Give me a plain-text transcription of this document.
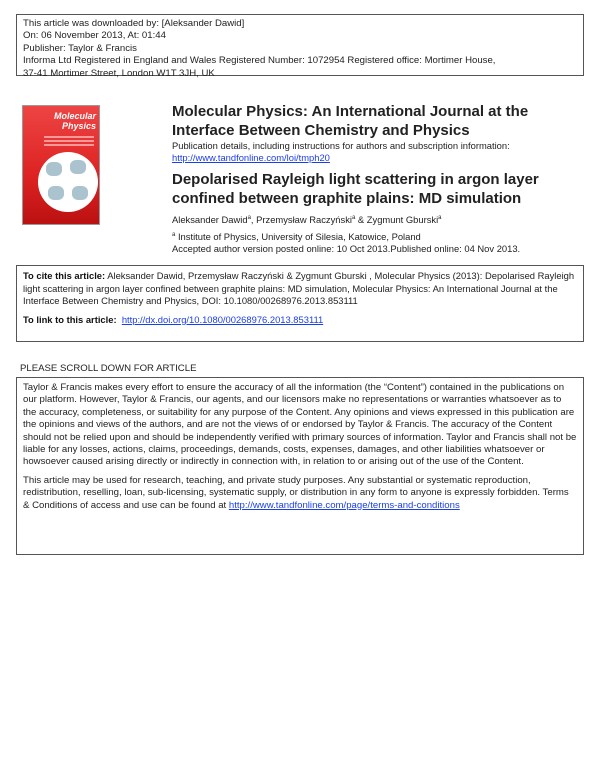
This article was downloaded by: [Aleksander Dawid]
On: 06 November 2013, At: 01:44
Publisher: Taylor & Francis
Informa Ltd Registered in England and Wales Registered Number: 1072954 Registered office: Mortimer House,
37-41 Mortimer Street, London W1T 3JH, UK
Molecular Physics
Molecular Physics: An International Journal at the Interface Between Chemistry and Physics
Publication details, including instructions for authors and subscription information:
http://www.tandfonline.com/loi/tmph20
Depolarised Rayleigh light scattering in argon layer confined between graphite plains: MD simulation
Aleksander Dawid$^a$, Przemysław Raczyński$^a$ & Zygmunt Gburski$^a$
$^a$ Institute of Physics, University of Silesia, Katowice, Poland
Accepted author version posted online: 10 Oct 2013.Published online: 04 Nov 2013.

To cite this article: Aleksander Dawid, Przemysław Raczyński & Zygmunt Gburski , Molecular Physics (2013): Depolarised Rayleigh light scattering in argon layer confined between graphite plains: MD simulation, Molecular Physics: An International Journal at the Interface Between Chemistry and Physics, DOI: 10.1080/00268976.2013.853111

To link to this article: http://dx.doi.org/10.1080/00268976.2013.853111

PLEASE SCROLL DOWN FOR ARTICLE

Taylor & Francis makes every effort to ensure the accuracy of all the information (the “Content”) contained in the publications on our platform. However, Taylor & Francis, our agents, and our licensors make no representations or warranties whatsoever as to the accuracy, completeness, or suitability for any purpose of the Content. Any opinions and views expressed in this publication are the opinions and views of the authors, and are not the views of or endorsed by Taylor & Francis. The accuracy of the Content should not be relied upon and should be independently verified with primary sources of information. Taylor and Francis shall not be liable for any losses, actions, claims, proceedings, demands, costs, expenses, damages, and other liabilities whatsoever or howsoever caused arising directly or indirectly in connection with, in relation to or arising out of the use of the Content.

This article may be used for research, teaching, and private study purposes. Any substantial or systematic reproduction, redistribution, reselling, loan, sub-licensing, systematic supply, or distribution in any form to anyone is expressly forbidden. Terms & Conditions of access and use can be found at http://www.tandfonline.com/page/terms-and-conditions
